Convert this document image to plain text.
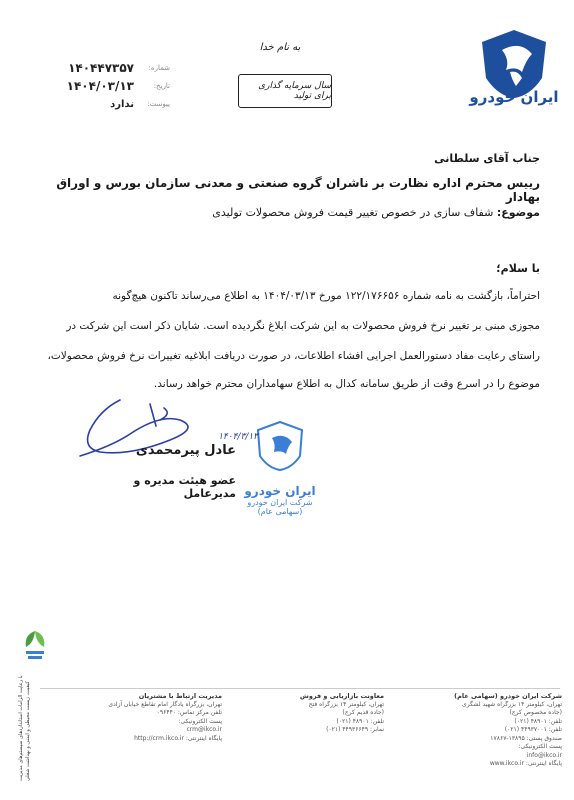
ایران خودرو
به نام خدا
سال سرمایه گذاری برای تولید
شماره:
۱۴۰۴۴۷۳۵۷
تاریخ:
۱۴۰۴/۰۳/۱۳
پیوست:
ندارد
جناب آقای سلطانی
رییس محترم اداره نظارت بر ناشران گروه صنعتی و معدنی سازمان بورس و اوراق بهادار
موضوع: شفاف سازی در خصوص تغییر قیمت فروش محصولات تولیدی
با سلام؛
احتراماً، بازگشت به نامه شماره ۱۲۲/۱۷۶۶۵۶ مورخ ۱۴۰۴/۰۳/۱۳ به اطلاع می‌رساند تاکنون هیچ‌گونه
مجوزی مبنی بر تغییر نرخ فروش محصولات به این شرکت ابلاغ نگردیده است. شایان ذکر است این شرکت در
راستای رعایت مفاد دستورالعمل اجرایی افشاء اطلاعات، در صورت دریافت ابلاغیه تغییرات نرخ فروش محصولات،
موضوع را در اسرع وقت از طریق سامانه کدال به اطلاع سهامداران محترم خواهد رساند.
عادل پیرمحمدی
عضو هیئت مدیره و مدیرعامل ایران خودرو
شرکت ایران خودرو
(سهامی عام)
۱۴۰۴/۳/۱۳
شرکت ایران خودرو (سهامی عام)
تهران، کیلومتر ۱۴ بزرگراه شهید لشگری
(جاده مخصوص کرج)
تلفن: ۴۸۹۰۱ (۰۲۱)
تلفن: ۴۴۹۳۷۰۰۱ (۰۲۱)
صندوق پستی: ۱۳۸۹۵-۱۷۸۶۷
پست الکترونیکی:
info@ikco.ir
پایگاه اینترنتی: www.ikco.ir
معاونت بازاریابی و فروش
تهران، کیلومتر ۱۴ بزرگراه فتح
(جاده قدیم کرج)
تلفن: ۴۸۹۰۱ (۰۲۱)
نمابر: ۴۴۹۳۶۶۴۹ (۰۲۱)
مدیریت ارتباط با مشتریان
تهران، بزرگراه یادگار امام تقاطع خیابان آزادی
تلفن مرکز تماس: ۰۹۶۴۴۰
پست الکترونیکی:
crm@ikco.ir
پایگاه اینترنتی: http://crm.ikco.ir
با رعایت الزامات استانداردهای سیستم‌های مدیریت کیفیت، زیست محیطی و ایمنی و بهداشت شغلی
